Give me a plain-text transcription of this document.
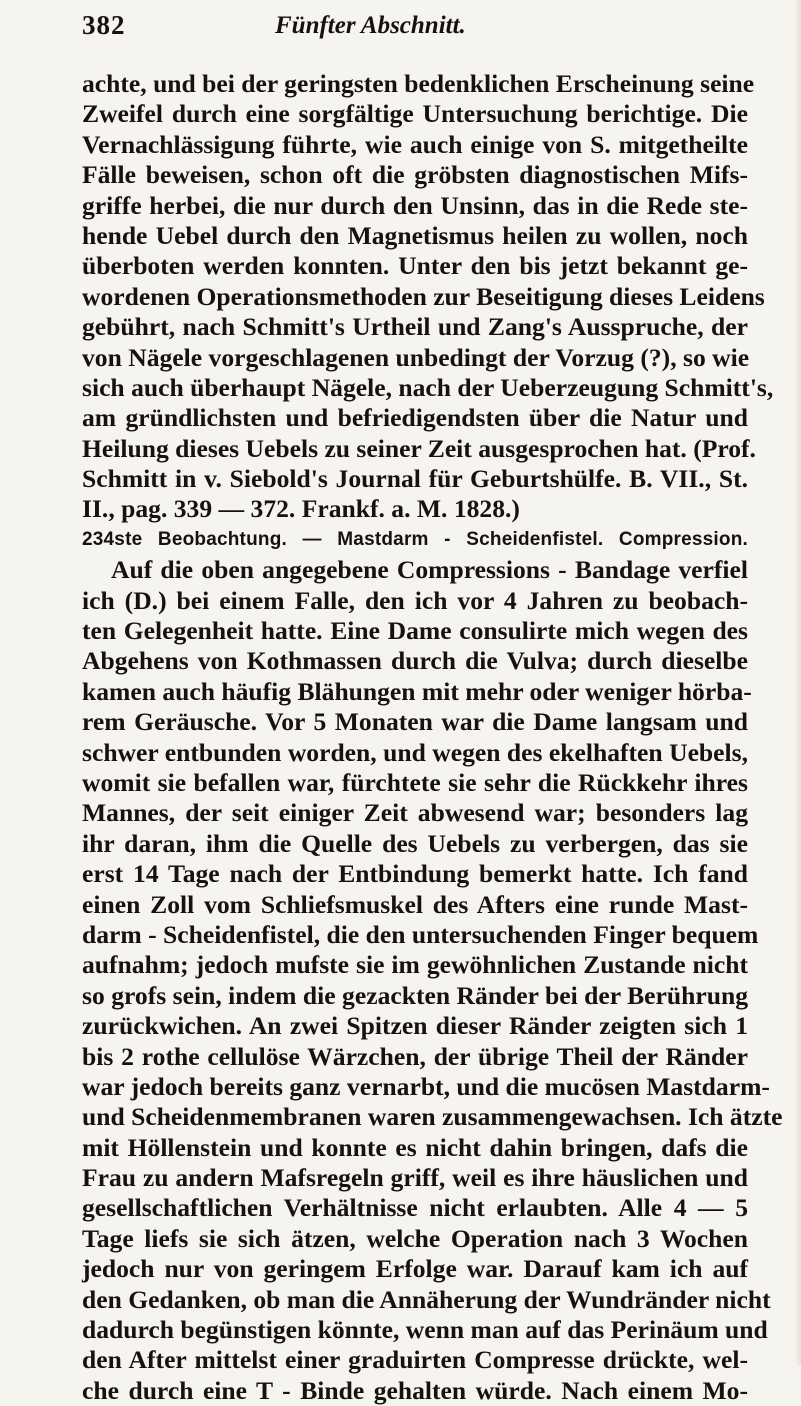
382	Fünfter Abschnitt.
achte, und bei der geringsten bedenklichen Erscheinung seine
Zweifel durch eine sorgfältige Untersuchung berichtige. Die
Vernachlässigung führte, wie auch einige von S. mitgetheilte
Fälle beweisen, schon oft die gröbsten diagnostischen Mifs-
griffe herbei, die nur durch den Unsinn, das in die Rede ste-
hende Uebel durch den Magnetismus heilen zu wollen, noch
überboten werden konnten. Unter den bis jetzt bekannt ge-
wordenen Operationsmethoden zur Beseitigung dieses Leidens
gebührt, nach Schmitt's Urtheil und Zang's Ausspruche, der
von Nägele vorgeschlagenen unbedingt der Vorzug (?), so wie
sich auch überhaupt Nägele, nach der Ueberzeugung Schmitt's,
am gründlichsten und befriedigendsten über die Natur und
Heilung dieses Uebels zu seiner Zeit ausgesprochen hat. (Prof.
Schmitt in v. Siebold's Journal für Geburtshülfe. B. VII., St.
II., pag. 339 — 372. Frankf. a. M. 1828.)
234ste Beobachtung. — Mastdarm - Scheidenfistel. Compression.
Auf die oben angegebene Compressions - Bandage verfiel
ich (D.) bei einem Falle, den ich vor 4 Jahren zu beobach-
ten Gelegenheit hatte. Eine Dame consulirte mich wegen des
Abgehens von Kothmassen durch die Vulva; durch dieselbe
kamen auch häufig Blähungen mit mehr oder weniger hörba-
rem Geräusche. Vor 5 Monaten war die Dame langsam und
schwer entbunden worden, und wegen des ekelhaften Uebels,
womit sie befallen war, fürchtete sie sehr die Rückkehr ihres
Mannes, der seit einiger Zeit abwesend war; besonders lag
ihr daran, ihm die Quelle des Uebels zu verbergen, das sie
erst 14 Tage nach der Entbindung bemerkt hatte. Ich fand
einen Zoll vom Schliefsmuskel des Afters eine runde Mast-
darm - Scheidenfistel, die den untersuchenden Finger bequem
aufnahm; jedoch mufste sie im gewöhnlichen Zustande nicht
so grofs sein, indem die gezackten Ränder bei der Berührung
zurückwichen. An zwei Spitzen dieser Ränder zeigten sich 1
bis 2 rothe cellulöse Wärzchen, der übrige Theil der Ränder
war jedoch bereits ganz vernarbt, und die mucösen Mastdarm-
und Scheidenmembranen waren zusammengewachsen. Ich ätzte
mit Höllenstein und konnte es nicht dahin bringen, dafs die
Frau zu andern Mafsregeln griff, weil es ihre häuslichen und
gesellschaftlichen Verhältnisse nicht erlaubten. Alle 4 — 5
Tage liefs sie sich ätzen, welche Operation nach 3 Wochen
jedoch nur von geringem Erfolge war. Darauf kam ich auf
den Gedanken, ob man die Annäherung der Wundränder nicht
dadurch begünstigen könnte, wenn man auf das Perinäum und
den After mittelst einer graduirten Compresse drückte, wel-
che durch eine T - Binde gehalten würde. Nach einem Mo-
